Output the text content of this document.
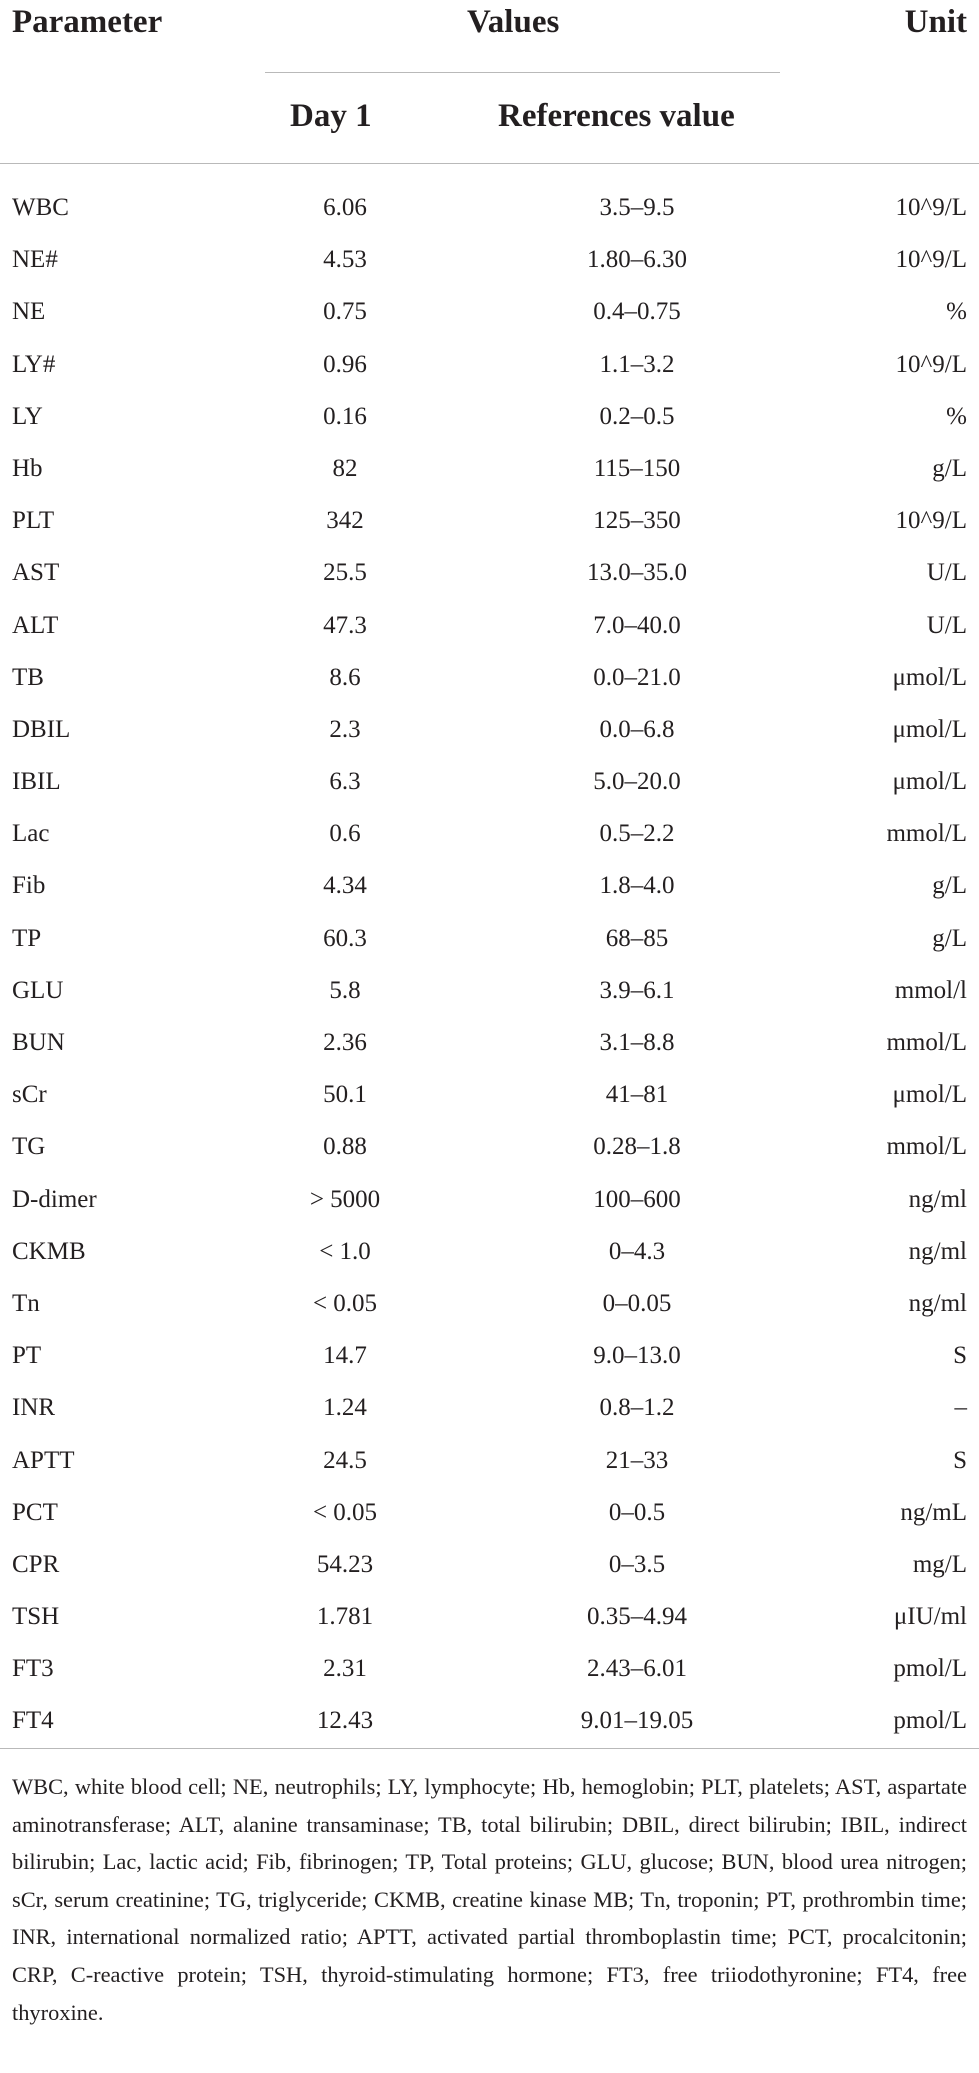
Parameter	Values	Unit
Day 1	References value
WBC	6.06	3.5–9.5	10^9/L
NE#	4.53	1.80–6.30	10^9/L
NE	0.75	0.4–0.75	%
LY#	0.96	1.1–3.2	10^9/L
LY	0.16	0.2–0.5	%
Hb	82	115–150	g/L
PLT	342	125–350	10^9/L
AST	25.5	13.0–35.0	U/L
ALT	47.3	7.0–40.0	U/L
TB	8.6	0.0–21.0	μmol/L
DBIL	2.3	0.0–6.8	μmol/L
IBIL	6.3	5.0–20.0	μmol/L
Lac	0.6	0.5–2.2	mmol/L
Fib	4.34	1.8–4.0	g/L
TP	60.3	68–85	g/L
GLU	5.8	3.9–6.1	mmol/l
BUN	2.36	3.1–8.8	mmol/L
sCr	50.1	41–81	μmol/L
TG	0.88	0.28–1.8	mmol/L
D-dimer	> 5000	100–600	ng/ml
CKMB	< 1.0	0–4.3	ng/ml
Tn	< 0.05	0–0.05	ng/ml
PT	14.7	9.0–13.0	S
INR	1.24	0.8–1.2	–
APTT	24.5	21–33	S
PCT	< 0.05	0–0.5	ng/mL
CPR	54.23	0–3.5	mg/L
TSH	1.781	0.35–4.94	μIU/ml
FT3	2.31	2.43–6.01	pmol/L
FT4	12.43	9.01–19.05	pmol/L
WBC, white blood cell; NE, neutrophils; LY, lymphocyte; Hb, hemoglobin; PLT, platelets; AST, aspartate aminotransferase; ALT, alanine transaminase; TB, total bilirubin; DBIL, direct bilirubin; IBIL, indirect bilirubin; Lac, lactic acid; Fib, fibrinogen; TP, Total proteins; GLU, glucose; BUN, blood urea nitrogen; sCr, serum creatinine; TG, triglyceride; CKMB, creatine kinase MB; Tn, troponin; PT, prothrombin time; INR, international normalized ratio; APTT, activated partial thromboplastin time; PCT, procalcitonin; CRP, C-reactive protein; TSH, thyroid-stimulating hormone; FT3, free triiodothyronine; FT4, free thyroxine.
